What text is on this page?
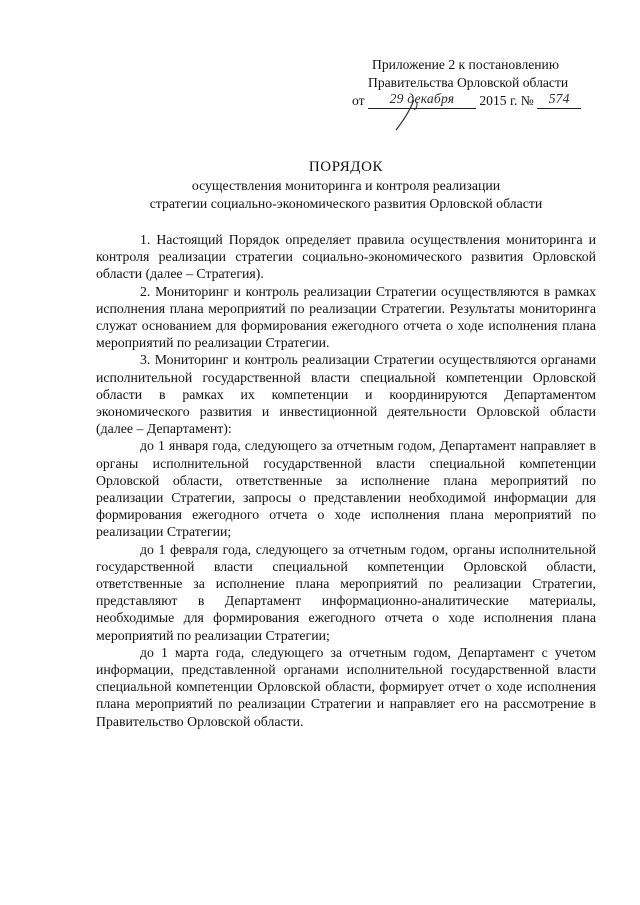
Приложение 2 к постановлению
Правительства Орловской области
от 29 декабря 2015 г. № 574
ПОРЯДОК
осуществления мониторинга и контроля реализации
стратегии социально-экономического развития Орловской области

1. Настоящий Порядок определяет правила осуществления мониторинга и контроля реализации стратегии социально-экономического развития Орловской области (далее – Стратегия).

2. Мониторинг и контроль реализации Стратегии осуществляются в рамках исполнения плана мероприятий по реализации Стратегии. Результаты мониторинга служат основанием для формирования ежегодного отчета о ходе исполнения плана мероприятий по реализации Стратегии.

3. Мониторинг и контроль реализации Стратегии осуществляются органами исполнительной государственной власти специальной компетенции Орловской области в рамках их компетенции и координируются Департаментом экономического развития и инвестиционной деятельности Орловской области (далее – Департамент):

до 1 января года, следующего за отчетным годом, Департамент направляет в органы исполнительной государственной власти специальной компетенции Орловской области, ответственные за исполнение плана мероприятий по реализации Стратегии, запросы о представлении необходимой информации для формирования ежегодного отчета о ходе исполнения плана мероприятий по реализации Стратегии;

до 1 февраля года, следующего за отчетным годом, органы исполнительной государственной власти специальной компетенции Орловской области, ответственные за исполнение плана мероприятий по реализации Стратегии, представляют в Департамент информационно-аналитические материалы, необходимые для формирования ежегодного отчета о ходе исполнения плана мероприятий по реализации Стратегии;

до 1 марта года, следующего за отчетным годом, Департамент с учетом информации, представленной органами исполнительной государственной власти специальной компетенции Орловской области, формирует отчет о ходе исполнения плана мероприятий по реализации Стратегии и направляет его на рассмотрение в Правительство Орловской области.
